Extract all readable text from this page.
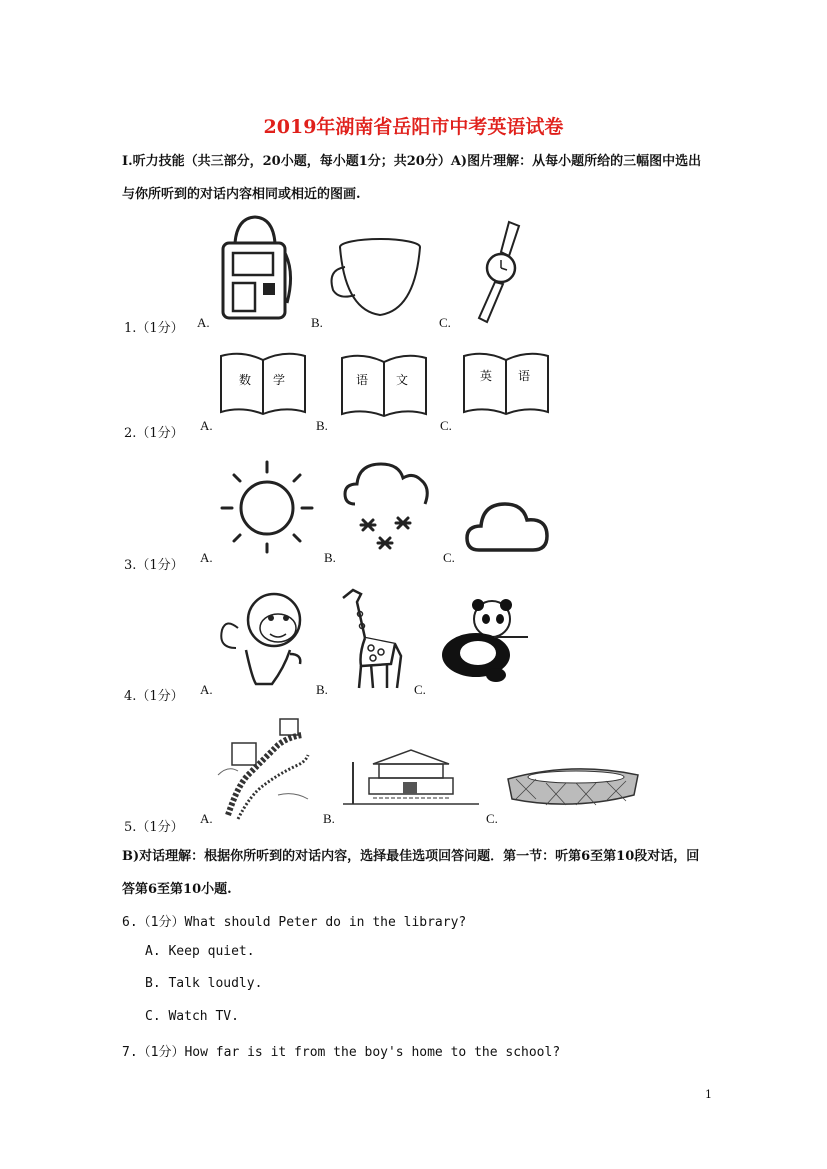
2019年湖南省岳阳市中考英语试卷
I.听力技能（共三部分，20小题，每小题1分；共20分）A)图片理解：从每小题所给的三幅图中选出与你所听到的对话内容相同或相近的图画.
1.（1分） A.	B.	C.
2.（1分）
A.	B.	C.
数 学	语 文	英 语
3.（1分）
A.	B.	C.
4.（1分） A.	B.	C.
5.（1分）
A.	B.	C.
B)对话理解：根据你所听到的对话内容，选择最佳选项回答问题．第一节：听第6至第10段对话，回答第6至第10小题.
6.（1分）What should Peter do in the library?
A. Keep quiet.
B. Talk loudly.
C. Watch TV.
7.（1分）How far is it from the boy's home to the school?
1
